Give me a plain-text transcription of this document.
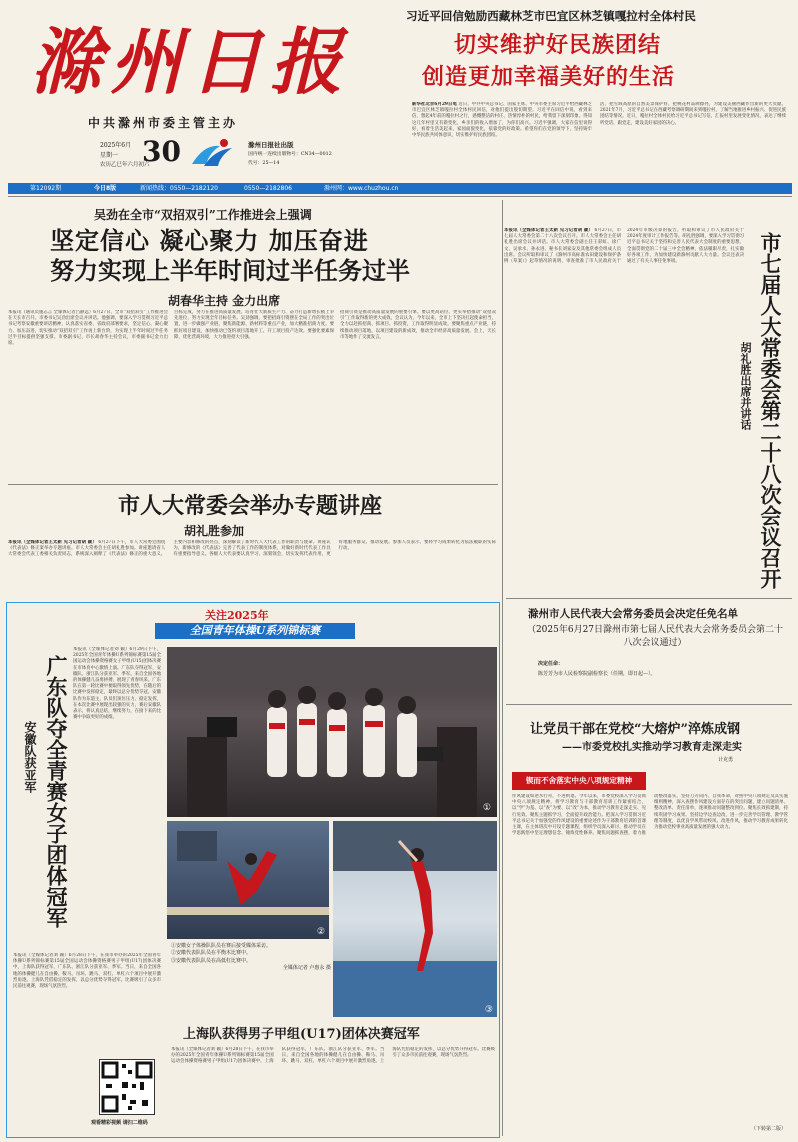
滁州日报
中共滁州市委主管主办
2025年6月
星期一
农历乙巳年六月初六
30	滁州日报社出版
国内统一连续出版物号：CN34—0012
代号：25—14
习近平回信勉励西藏林芝市巴宜区林芝镇嘎拉村全体村民
切实维护好民族团结
创造更加幸福美好的生活
新华社北京6月29日电 近日，中共中央总书记、国家主席、中央军委主席习近平给西藏林芝市巴宜区林芝镇嘎拉村全体村民回信，对他们提出殷切期望。习近平在回信中说，看到来信，想起4年前的嘎拉村之行，感慨整洁的村庄、热情淳朴的村民，给我留下深刻印象。得知这几年村里又有新变化，乡亲们的收入增加了，为你们高兴。习近平强调，大家在信里说得好，看着生活美起来，家园面貌变化，依靠党的好政策。希望你们在党的领导下，坚持铸牢中华民族共同体意识，切实维护好民族团结。
活，把雪域高原的自然美景保护好，把桃花村品牌擦亮，为建设美丽西藏作出新的更大贡献。2021年7月，习近平总书记在西藏考察调研期间来到嘎拉村，了解当地推进乡村振兴、促进民族团结等情况。近日，嘎拉村全体村民给习近平总书记写信，汇报村里发展变化情况，表达了继续听党话、跟党走，建设美好家园的决心。
第12092期	今日8版	新闻热线：0550—2182120	0550—2182806	滁州网：www.chuzhou.cn
吴劲在全市“双招双引”工作推进会上强调
坚定信心 凝心聚力 加压奋进
努力实现上半年时间过半任务过半
胡春华主持 金力出席
本报讯（通讯员施志言 全媒体记者吕静远）6月27日，全市“双招双引”工作推进会在天长市召开。市委书记吴劲出席会议并讲话。他强调，要深入学习贯彻习近平总书记考察安徽重要讲话精神，认真落实省委、省政府部署要求，坚定信心、凝心聚力、加压奋进，切实推动“双招双引”工作再上新台阶，为实现上半年时间过半任务过半目标提供坚强支撑。市委副书记、市长胡春华主持会议，市委副书记金力出席。
目标完成，努力在推进高质量发展、培育壮大新质生产力、奋力打造新增长极上争先进位，努力实现全年目标任务。吴劲强调，要把招商引资摆在全局工作的突出位置，进一步做强产业链，聚焦新能源、新材料等重点产业，加大精准招商力度。要抓好项目建设，加快推动已签约项目落地开工、开工项目投产达效。要强化要素保障，优化营商环境，大力推进招大引强。
招商引资是推动高质量发展的重要引擎。要以更高站位、更实举措推动“双招双引”工作取得新的更大成效。会议认为，今年以来，全市上下坚决扛起使命担当，全力以赴抓招商、抓项目、抓投资，工作取得明显成效。要聚焦重点产业链，持续推动项目落地，以项目建设的新成效，推动全市经济高质量发展。会上，天长市等地作了交流发言。
本报讯（全媒体记者王太新 见习记者胡 颖） 6月27日，市七届人大常委会第二十八次会议召开。市人大常委会主任胡礼胜出席会议并讲话。市人大常委会副主任王彩虹、徐广文、吴承水、孙永进、秘书长刘家安及其他常委会组成人员出席。会议听取和审议了《滁州市高标准农田建设和保护条例（草案）》起草情况的说明，审查批准了市人民政府关于2024年市级决算的报告，听取和审议了市人民政府关于2024年度审计工作报告等。胡礼胜强调，要深入学习贯彻习近平总书记关于坚持和完善人民代表大会制度的重要思想，全面贯彻党的二十届三中全会精神，依法履职尽责，扎实做好各项工作，为加快建设新滁州贡献人大力量。会议还表决通过了有关人事任免事项。	市七届人大常委会第二十八次会议召开
胡礼胜出席并讲话
市人大常委会举办专题讲座
胡礼胜参加
本报讯（全媒体记者王太新 见习记者胡 颖） 6月27日下午，市人大常委会围绕《代表法》修正案举办专题讲座。市人大常委会主任胡礼胜参加。讲座邀请省人大常委会代表工委相关负责同志，系统深入阐释了《代表法》修正的重大意义、主要内容和修改的亮点，深刻解读了新时代人大代表工作的职责与使命。讲座认为，新修改的《代表法》完善了代表工作的制度体系，对做好新时代代表工作具有重要指导意义。各级人大代表要认真学习、深刻领会，切实发挥代表作用，更好地服务群众、推动发展。参加人员表示，要将学习成果转化为依法履职的实际行动。
滁州市人民代表大会常务委员会决定任免名单
（2025年6月27日滁州市第七届人民代表大会常务委员会第二十八次会议通过）
决定任命：
陈芳芳为市人民检察院副检察长（任期，即日起—）。
让党员干部在党校“大熔炉”淬炼成钢
——市委党校扎实推动学习教育走深走实
计克勇
锲而不舍落实中央八项规定精神
作风建设如逆水行舟，不进则退。今年以来，市委党校深入学习贯彻中央八项规定精神，将学习教育与干部教育培训工作紧密结合，以“学”为基、以“查”为要、以“改”为本，推动学习教育走深走实、见行见效。聚焦主题抓学习，全面提升政治能力。把深入学习贯彻习近平总书记关于加强党的作风建设的重要论述作为干部教育培训的首课主课，在主体班次中开设专题课程，组织学员深入研讨，推动学员在学思践悟中坚定理想信念、锤炼党性修养。聚焦问题抓查摆，着力推动整改落实。坚持刀刃向内、自我革命，对照中央八项规定及其实施细则精神，深入查摆作风建设方面存在的突出问题，建立问题清单、整改清单、责任清单，逐项推动问题整改到位。聚焦长效抓建制，持续巩固学习成果。坚持边学边查边改，进一步完善学员管理、教学管理等制度，以优良学风带动校风、改进作风，推动学习教育成果转化为推动党校事业高质量发展的强大动力。
（下转第二版）
关注2025年
全国青年体操U系列锦标赛
广东队夺全青赛女子团体冠军
安徽队获亚军
本报讯（全媒体记者刘 颖）6月29日下午，2025年全国青年体操U系列锦标赛第15届全国运动会体操资格赛女子甲组(U15)团体决赛在市体育中心激情上演。广东队夺得冠军，安徽队、浙江队分获亚军、季军。来自全国各地的体操健儿奋勇拼搏，展现了青春风采。广东队在第一轮比赛中便取得领先优势，在随后的比赛中发挥稳定，最终以总分优势夺冠。安徽队作为东道主，队员们顶住压力、稳定发挥，在本次比赛中展现出较强的实力，赛后安徽队表示，将认真总结，继续努力，在接下来的比赛中争取更好的成绩。
本报讯（全媒体记者刘 颖）6月28日下午，在我市举办的2025年全国青年体操U系列锦标赛第15届全国运动会体操资格赛男子甲组(U17)团体决赛中，上海队获得冠军，广东队、浙江队分获亚军、季军。当日，来自全国各地的体操健儿在自由操、鞍马、吊环、跳马、双杠、单杠六个项目中展开激烈角逐。上海队凭借稳定的发挥，以总分优势夺得冠军。比赛吸引了众多市民前往观赛，现场气氛热烈。
①
②
③
①安徽女子体操队队员在赛后接受媒体采访。
②安徽代表队队员在平衡木比赛中。
③安徽代表队队员在高低杠比赛中。
全媒体记者 卢惠永 摄
上海队获得男子甲组(U17)团体决赛冠军
本报讯（全媒体记者刘 颖）6月28日下午，在我市举办的2025年全国青年体操U系列锦标赛第15届全国运动会体操资格赛男子甲组(U17)团体决赛中，上海队获得冠军，广东队、浙江队分获亚军、季军。当日，来自全国各地的体操健儿在自由操、鞍马、吊环、跳马、双杠、单杠六个项目中展开激烈角逐。上海队凭借稳定的发挥，以总分优势夺得冠军。比赛吸引了众多市民前往观赛，现场气氛热烈。
观看精彩视频 请扫二维码
